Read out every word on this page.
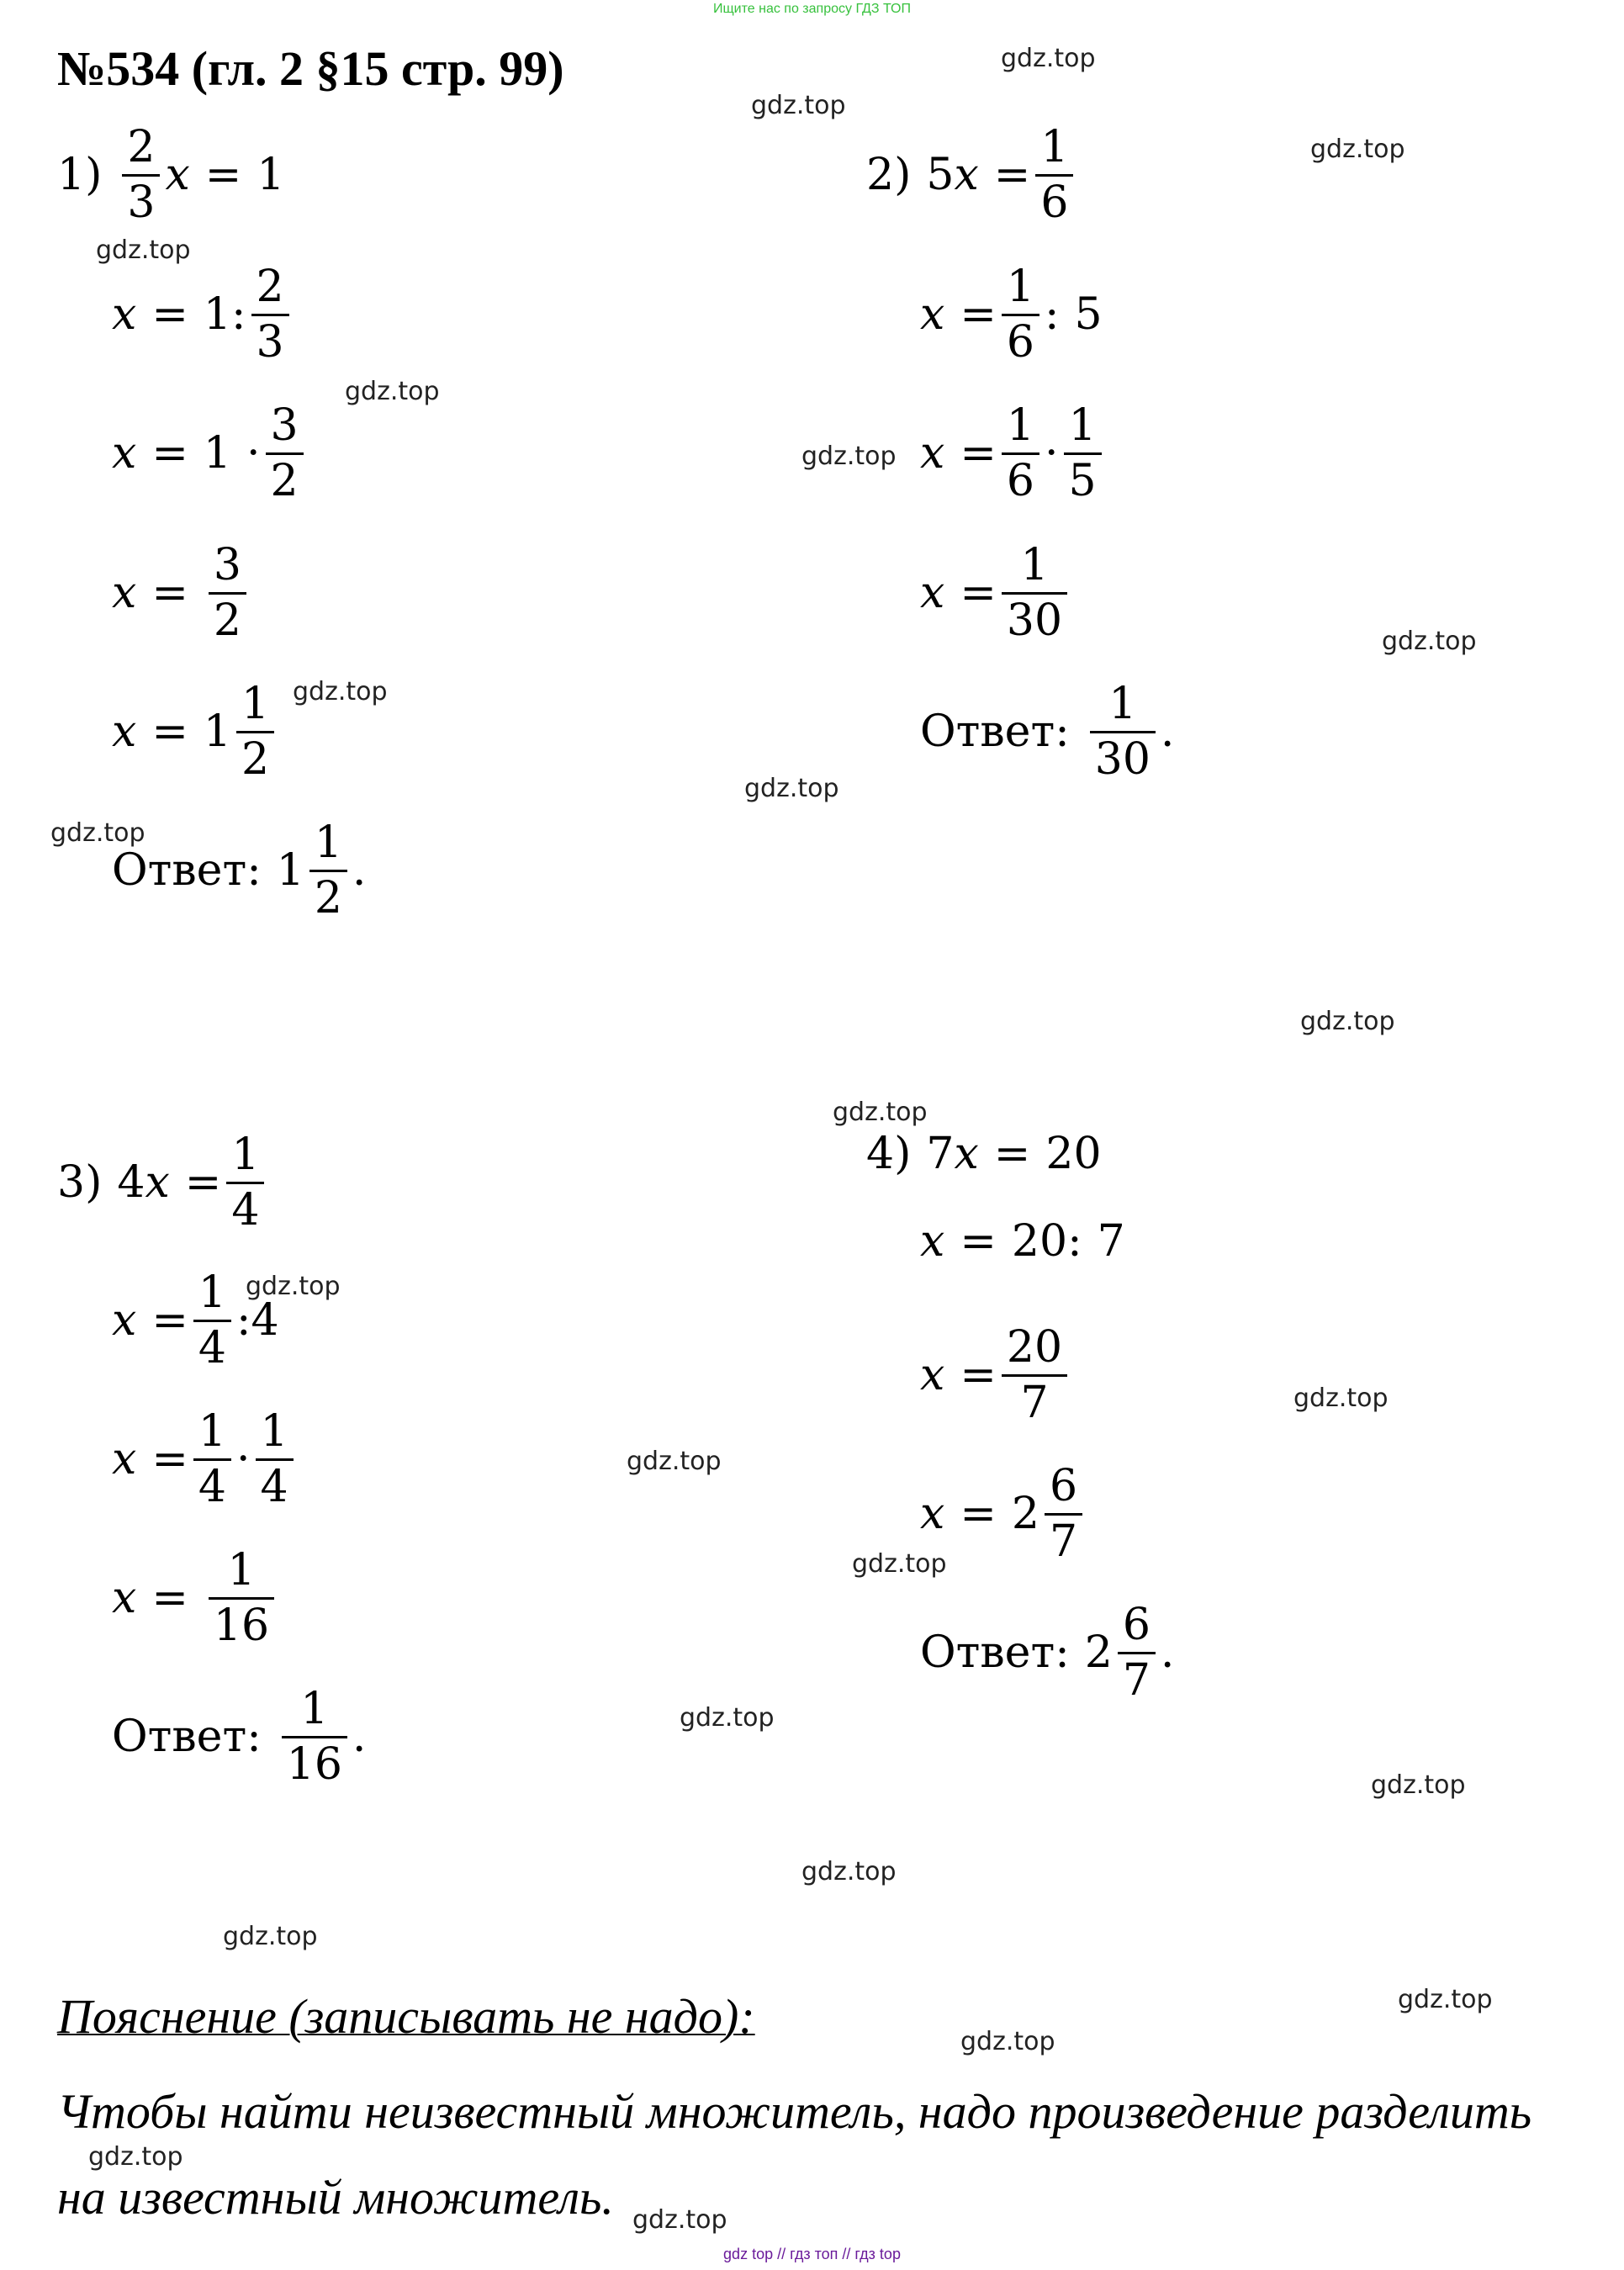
Ищите нас по запросу ГДЗ ТОП
№534 (гл. 2 §15 стр. 99)
$1) \frac{2}{3}$ x = 1
x = 1 : $\frac{2}{3}$
$x = 1 \cdot \frac{3}{2}$
$x = \frac{3}{2}$
$x = 1 \frac{1}{2}$
Ответ: $1 \frac{1}{2}$ .
2) 5 $x = \frac{1}{6}$
$x = \frac{1}{6}$ : 5
$x = \frac{1}{6} \cdot \frac{1}{5}$
$x = \frac{1}{30}$
Ответ: $\frac{1}{30}$ .
3) 4 $x = \frac{1}{4}$
$x = \frac{1}{4}$ : 4
$x = \frac{1}{4} \cdot \frac{1}{4}$
$x = \frac{1}{16}$
Ответ: $\frac{1}{16}$ .
4) 7 x = 20
x = 20 : 7
$x = \frac{20}{7}$
$x = 2 \frac{6}{7}$
Ответ: $2 \frac{6}{7}$ .
Пояснение (записывать не надо):
Чтобы найти неизвестный множитель, надо произведение разделить
на известный множитель.
gdz.top
gdz.top
gdz.top
gdz.top
gdz.top
gdz.top
gdz.top
gdz.top
gdz.top
gdz.top
gdz.top
gdz.top
gdz.top
gdz.top
gdz.top
gdz.top
gdz.top
gdz.top
gdz.top
gdz.top
gdz.top
gdz.top
gdz.top
gdz.top
gdz top // гдз топ // гдз top
